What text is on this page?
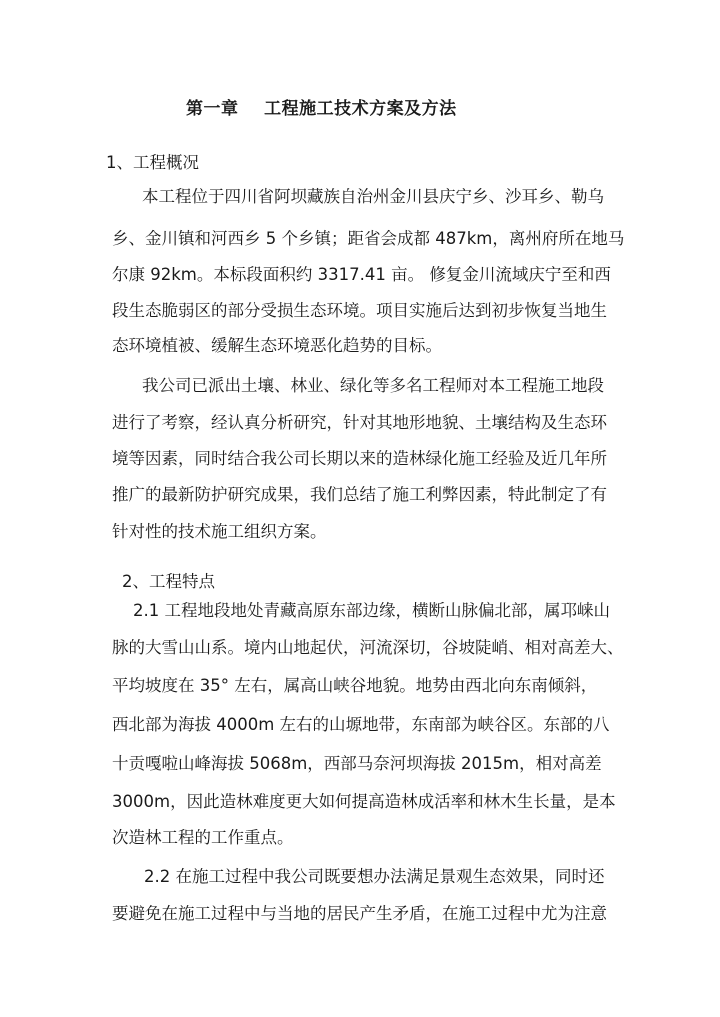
第一章    工程施工技术方案及方法
1、工程概况
本工程位于四川省阿坝藏族自治州金川县庆宁乡、沙耳乡、勒乌
乡、金川镇和河西乡 5 个乡镇；距省会成都 487km，离州府所在地马
尔康 92km。本标段面积约 3317.41 亩。 修复金川流域庆宁至和西
段生态脆弱区的部分受损生态环境。项目实施后达到初步恢复当地生
态环境植被、缓解生态环境恶化趋势的目标。
我公司已派出土壤、林业、绿化等多名工程师对本工程施工地段
进行了考察，经认真分析研究，针对其地形地貌、土壤结构及生态环
境等因素，同时结合我公司长期以来的造林绿化施工经验及近几年所
推广的最新防护研究成果，我们总结了施工利弊因素，特此制定了有
针对性的技术施工组织方案。
2、工程特点
2.1 工程地段地处青藏高原东部边缘，横断山脉偏北部，属邛崃山
脉的大雪山山系。境内山地起伏，河流深切，谷坡陡峭、相对高差大、
平均坡度在 35° 左右，属高山峡谷地貌。地势由西北向东南倾斜，
西北部为海拔 4000m 左右的山塬地带，东南部为峡谷区。东部的八
十贡嘎啦山峰海拔 5068m，西部马奈河坝海拔 2015m，相对高差
3000m，因此造林难度更大如何提高造林成活率和林木生长量，是本
次造林工程的工作重点。
2.2 在施工过程中我公司既要想办法满足景观生态效果，同时还
要避免在施工过程中与当地的居民产生矛盾，在施工过程中尤为注意
